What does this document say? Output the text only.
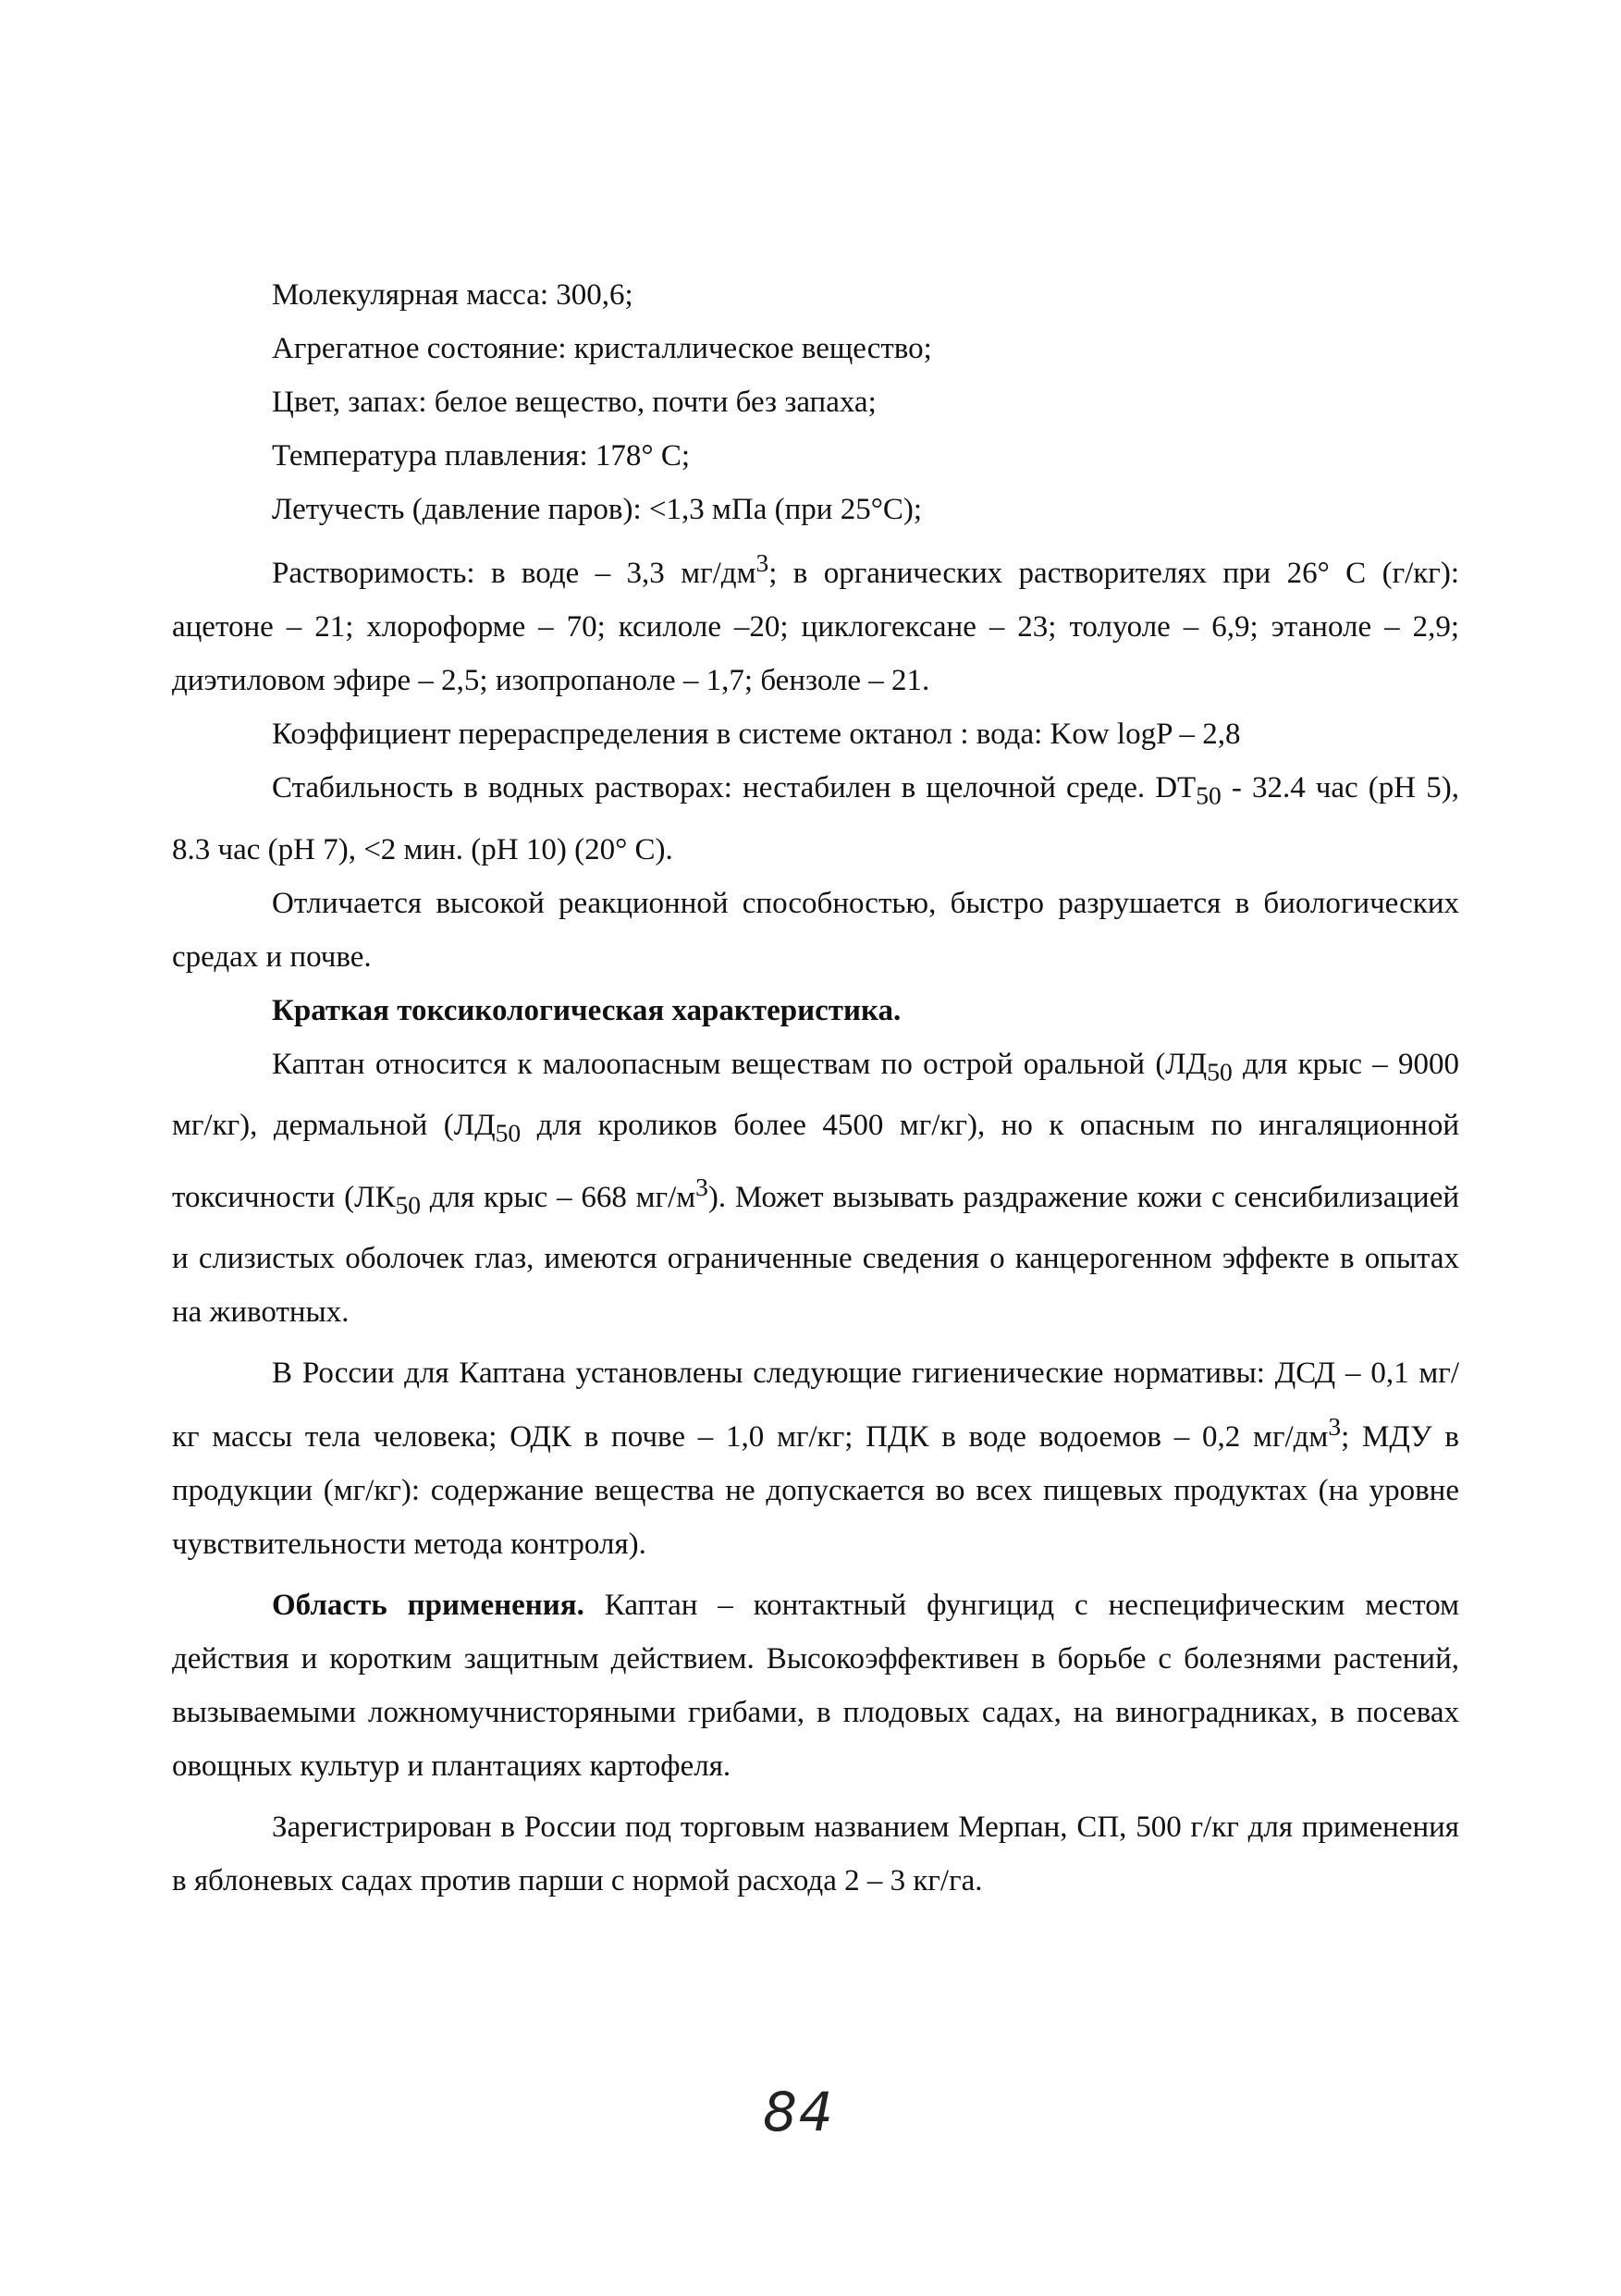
Молекулярная масса: 300,6;

Агрегатное состояние: кристаллическое вещество;

Цвет, запах: белое вещество, почти без запаха;

Температура плавления: 178° С;

Летучесть (давление паров): <1,3 мПа (при 25°С);

Растворимость: в воде – 3,3 $мг/дм^3$; в органических растворителях при 26° С (г/кг): ацетоне – 21; хлороформе – 70; ксилоле –20; циклогексане – 23; толуоле – 6,9; этаноле – 2,9; диэтиловом эфире – 2,5; изопропаноле – 1,7; бензоле – 21.

Коэффициент перераспределения в системе октанол : вода: Kow logP – 2,8

Стабильность в водных растворах: нестабилен в щелочной среде. $DT_{50} - 32.4$ час (рН 5), 8.3 час (рН 7), <2 мин. (рН 10) (20° С).

Отличается высокой реакционной способностью, быстро разрушается в биологических средах и почве.

Краткая токсикологическая характеристика.

Каптан относится к малоопасным веществам по острой оральной ($ЛД_{50}$ для крыс – 9000 мг/кг), дермальной ($ЛД_{50}$ для кроликов более 4500 мг/кг), но к опасным по ингаляционной токсичности ($ЛК_{50}$ для крыс – 668 $мг/м^3$). Может вызывать раздражение кожи с сенсибилизацией и слизистых оболочек глаз, имеются ограниченные сведения о канцерогенном эффекте в опытах на животных.

В России для Каптана установлены следующие гигиенические нормативы: ДСД – 0,1 мг/кг массы тела человека; ОДК в почве – 1,0 мг/кг; ПДК в воде водоемов – 0,2 $мг/дм^3$; МДУ в продукции (мг/кг): содержание вещества не допускается во всех пищевых продуктах (на уровне чувствительности метода контроля).

Область применения. Каптан – контактный фунгицид с неспецифическим местом действия и коротким защитным действием. Высокоэффективен в борьбе с болезнями растений, вызываемыми ложномучнисторяными грибами, в плодовых садах, на виноградниках, в посевах овощных культур и плантациях картофеля.

Зарегистрирован в России под торговым названием Мерпан, СП, 500 г/кг для применения в яблоневых садах против парши с нормой расхода 2 – 3 кг/га.

84
